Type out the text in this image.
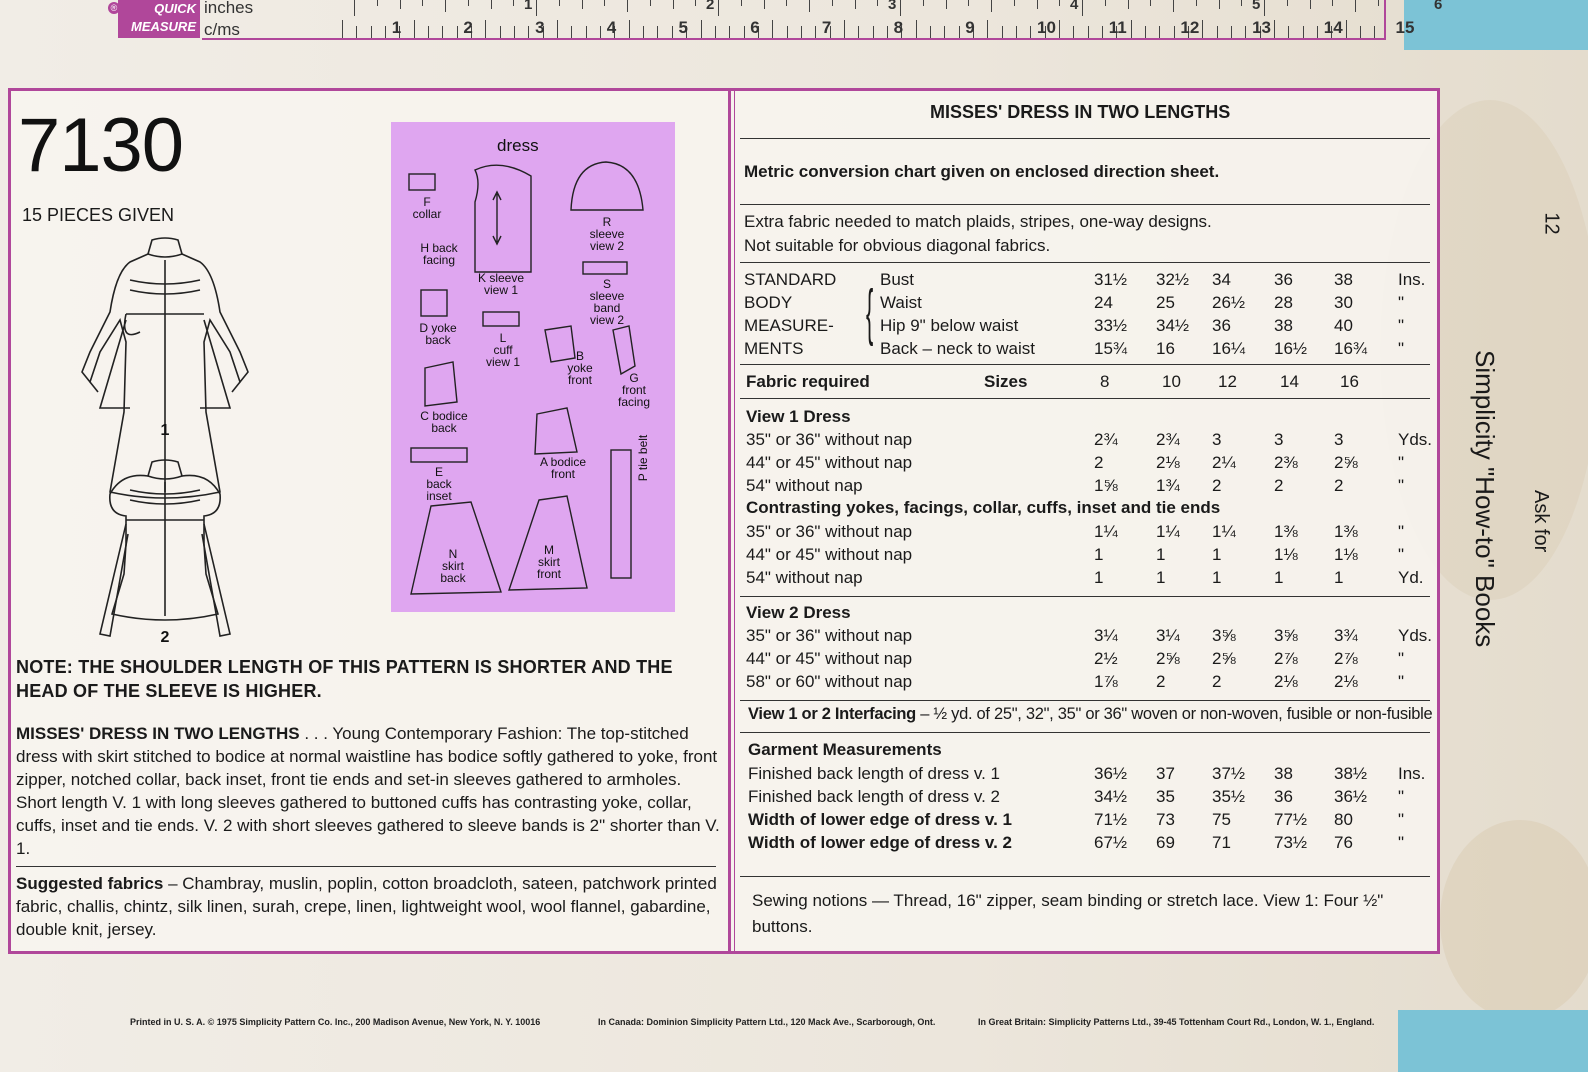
QUICK
MEASURE
®	1	2	3	4	5	6
1	2	3	4	5	6	7	8	9	10	11	12	13	14	15
inches
c/ms
7130
15 PIECES GIVEN
1
2
dress
F
collar
H back facing
K sleeve view 1
R
sleeve view 2
S
sleeve band view 2
D yoke back	L
cuff view 1	B
yoke front	G
front facing
C bodice back
A bodice front
E
back inset
N
skirt back
M
skirt front
P tie belt
NOTE: THE SHOULDER LENGTH OF THIS PATTERN IS SHORTER AND THE HEAD OF THE SLEEVE IS HIGHER.
MISSES' DRESS IN TWO LENGTHS . . . Young Contemporary Fashion: The top-stitched dress with skirt stitched to bodice at normal waistline has bodice softly gathered to yoke, front zipper, notched collar, back inset, front tie ends and set-in sleeves gathered to armholes. Short length V. 1 with long sleeves gathered to buttoned cuffs has contrasting yoke, collar, cuffs, inset and tie ends. V. 2 with short sleeves gathered to sleeve bands is 2" shorter than V. 1.
Suggested fabrics – Chambray, muslin, poplin, cotton broadcloth, sateen, patchwork printed fabric, challis, chintz, silk linen, surah, crepe, linen, lightweight wool, wool flannel, gabardine, double knit, jersey.
MISSES' DRESS IN TWO LENGTHS
Metric conversion chart given on enclosed direction sheet.
Extra fabric needed to match plaids, stripes, one-way designs.
Not suitable for obvious diagonal fabrics.
STANDARD
BODY
MEASURE-
MENTS
{ Bust	31½ 32½ 34	36 38	Ins.
Waist	24	25 26½ 28 30	"
Hip 9" below waist	33½ 34½ 36	38 40	"
Back – neck to waist	15¾ 16 16¼ 16½ 16¾ "
Fabric required	Sizes	8	10 12	14 16
View 1 Dress
35" or 36" without nap	2¾ 2¾ 3	3	3	Yds.
44" or 45" without nap	2	2⅛ 2¼ 2⅜ 2⅝ "
54" without nap	1⅝ 1¾ 2	2	2	"
Contrasting yokes, facings, collar, cuffs, inset and tie ends
35" or 36" without nap	1¼ 1¼ 1¼ 1⅜ 1⅜ "
44" or 45" without nap	1	1	1	1⅛ 1⅛ "
54" without nap	1	1	1	1	1	Yd.
View 2 Dress
35" or 36" without nap	3¼ 3¼ 3⅝ 3⅝ 3¾ Yds.
44" or 45" without nap	2½ 2⅝ 2⅝ 2⅞ 2⅞ "
58" or 60" without nap	1⅞ 2	2	2⅛ 2⅛ "
View 1 or 2 Interfacing – ½ yd. of 25", 32", 35" or 36" woven or non-woven, fusible or non-fusible
Garment Measurements
Finished back length of dress v. 1	36½ 37 37½ 38 38½ Ins.
Finished back length of dress v. 2	34½ 35 35½ 36 36½ "
Width of lower edge of dress v. 1	71½ 73 75	77½ 80	"
Width of lower edge of dress v. 2	67½ 69 71	73½ 76	"
Sewing notions — Thread, 16" zipper, seam binding or stretch lace. View 1: Four ½" buttons.
12
Ask for
Simplicity "How-to" Books
Printed in U. S. A. © 1975 Simplicity Pattern Co. Inc., 200 Madison Avenue, New York, N. Y. 10016	In Canada: Dominion Simplicity Pattern Ltd., 120 Mack Ave., Scarborough, Ont.	In Great Britain: Simplicity Patterns Ltd., 39-45 Tottenham Court Rd., London, W. 1., England.
